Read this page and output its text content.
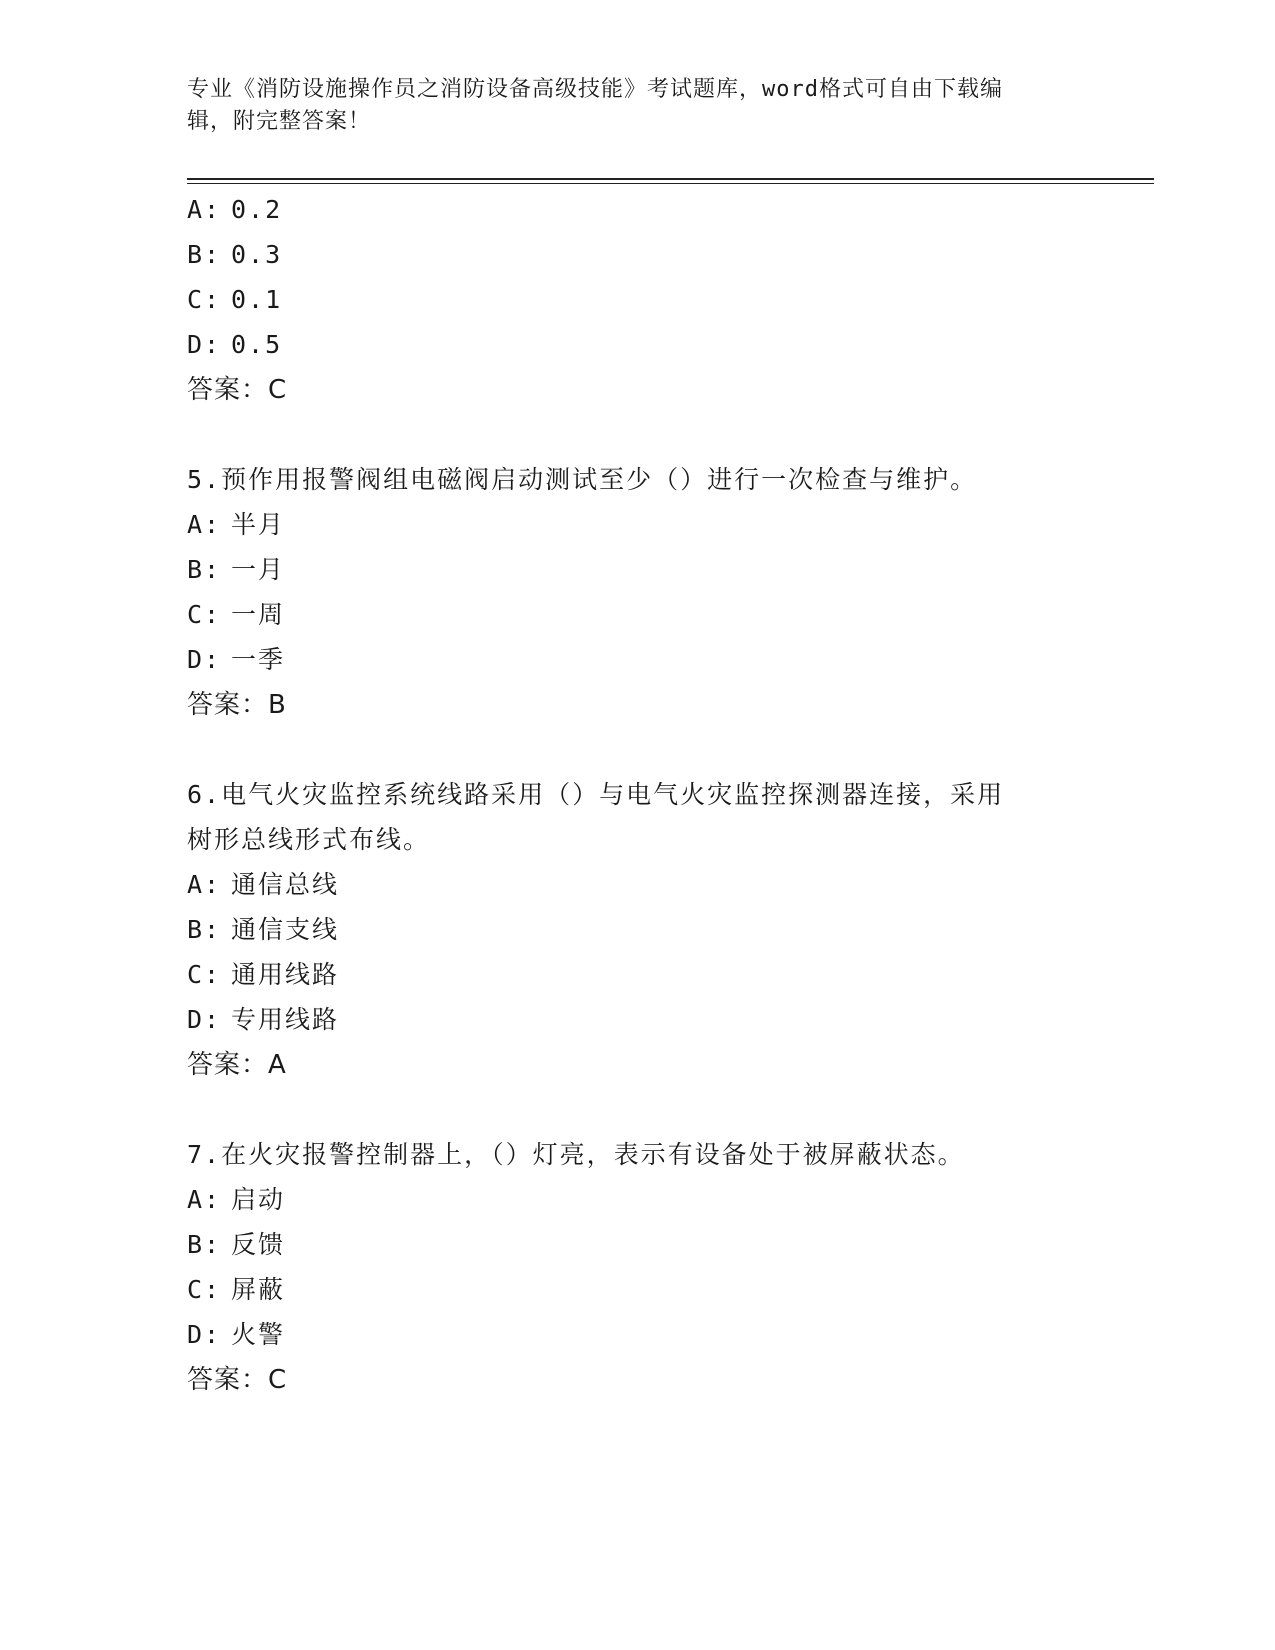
专业《消防设施操作员之消防设备高级技能》考试题库，word格式可自由下载编
辑，附完整答案！
A: 0.2
B: 0.3
C: 0.1
D: 0.5
答案：C
5.预作用报警阀组电磁阀启动测试至少（）进行一次检查与维护。
A: 半月
B: 一月
C: 一周
D: 一季
答案：B
6.电气火灾监控系统线路采用（）与电气火灾监控探测器连接，采用
树形总线形式布线。
A: 通信总线
B: 通信支线
C: 通用线路
D: 专用线路
答案：A
7.在火灾报警控制器上，（）灯亮，表示有设备处于被屏蔽状态。
A: 启动
B: 反馈
C: 屏蔽
D: 火警
答案：C
